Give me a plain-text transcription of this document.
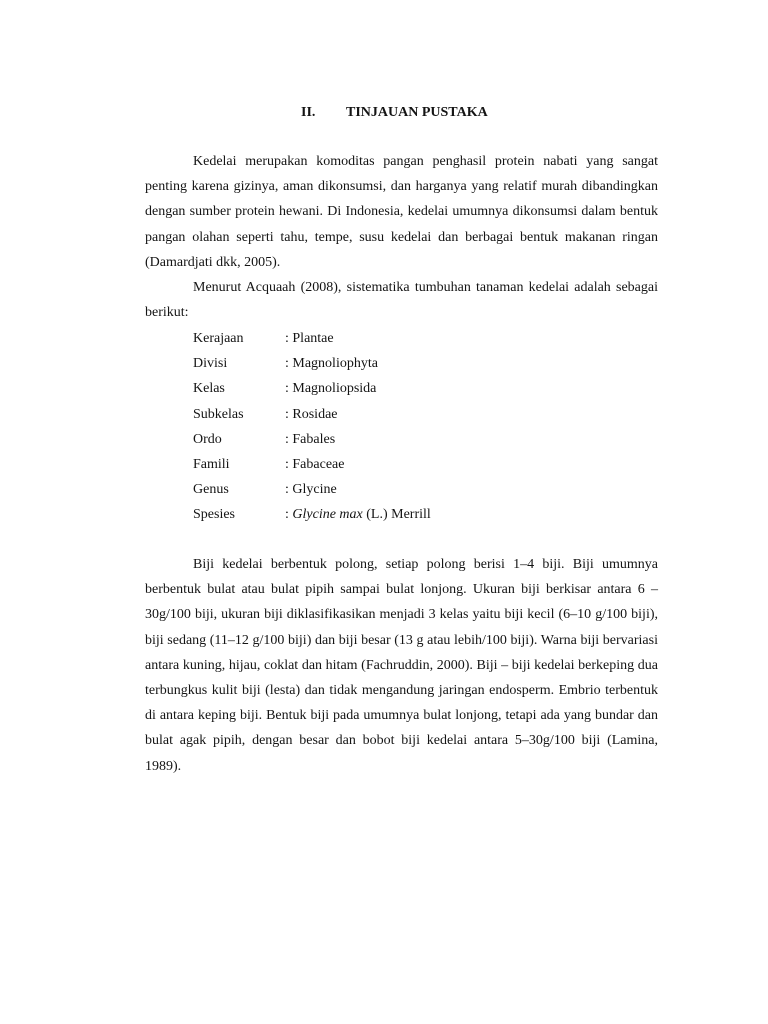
II. TINJAUAN PUSTAKA

Kedelai merupakan komoditas pangan penghasil protein nabati yang sangat penting karena gizinya, aman dikonsumsi, dan harganya yang relatif murah dibandingkan dengan sumber protein hewani. Di Indonesia, kedelai umumnya dikonsumsi dalam bentuk pangan olahan seperti tahu, tempe, susu kedelai dan berbagai bentuk makanan ringan (Damardjati dkk, 2005).

Menurut Acquaah (2008), sistematika tumbuhan tanaman kedelai adalah sebagai berikut:

Kerajaan	: Plantae
Divisi	: Magnoliophyta
Kelas	: Magnoliopsida
Subkelas	: Rosidae
Ordo	: Fabales
Famili	: Fabaceae
Genus	: Glycine
Spesies	: Glycine max (L.) Merrill

Biji kedelai berbentuk polong, setiap polong berisi 1–4 biji. Biji umumnya berbentuk bulat atau bulat pipih sampai bulat lonjong. Ukuran biji berkisar antara 6 – 30g/100 biji, ukuran biji diklasifikasikan menjadi 3 kelas yaitu biji kecil (6–10 g/100 biji), biji sedang (11–12 g/100 biji) dan biji besar (13 g atau lebih/100 biji). Warna biji bervariasi antara kuning, hijau, coklat dan hitam (Fachruddin, 2000). Biji – biji kedelai berkeping dua terbungkus kulit biji (lesta) dan tidak mengandung jaringan endosperm. Embrio terbentuk di antara keping biji. Bentuk biji pada umumnya bulat lonjong, tetapi ada yang bundar dan bulat agak pipih, dengan besar dan bobot biji kedelai antara 5–30g/100 biji (Lamina, 1989).
